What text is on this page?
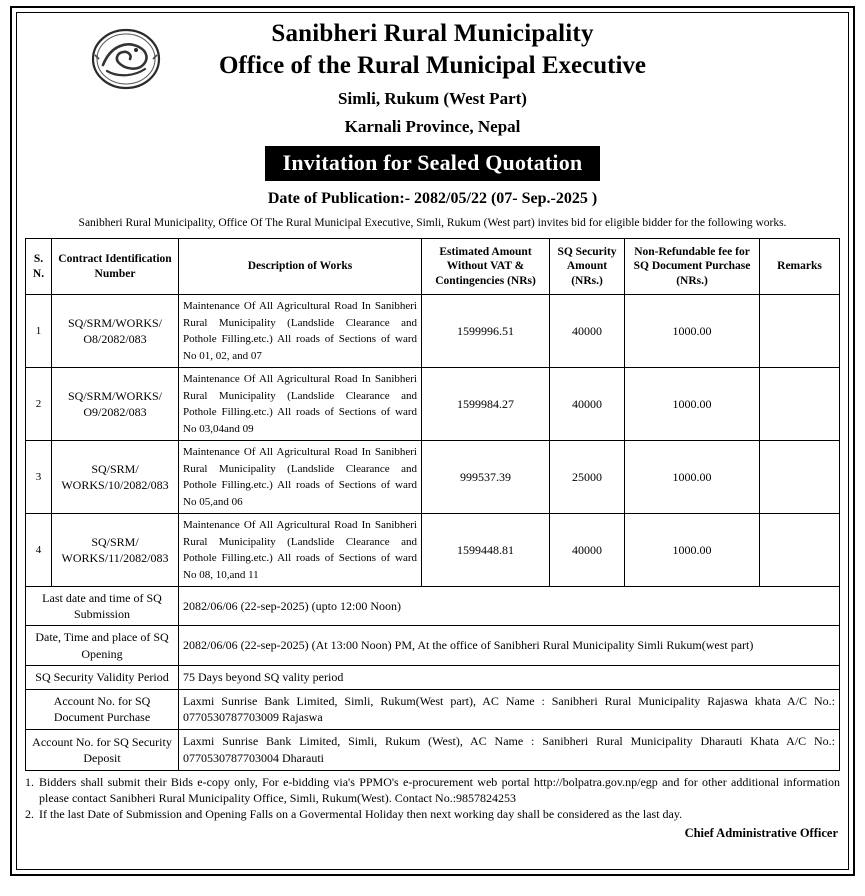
Sanibheri Rural Municipality
Office of the Rural Municipal Executive
Simli, Rukum (West Part)
Karnali Province, Nepal
Invitation for Sealed Quotation
Date of Publication:- 2082/05/22 (07- Sep.-2025 )
Sanibheri Rural Municipality, Office Of The Rural Municipal Executive, Simli, Rukum (West part) invites bid for eligible bidder for the following works.
S. N.	Contract Identification Number	Description of Works	Estimated Amount Without VAT & Contingencies (NRs)	SQ Security Amount (NRs.)	Non-Refundable fee for SQ Document Purchase (NRs.)	Remarks
1	SQ/SRM/WORKS/ O8/2082/083	Maintenance Of All Agricultural Road In Sanibheri Rural Municipality (Landslide Clearance and Pothole Filling.etc.) All roads of Sections of ward No 01, 02, and 07	1599996.51	40000	1000.00	
2	SQ/SRM/WORKS/ O9/2082/083	Maintenance Of All Agricultural Road In Sanibheri Rural Municipality (Landslide Clearance and Pothole Filling.etc.) All roads of Sections of ward No 03,04and 09	1599984.27	40000	1000.00	
3	SQ/SRM/ WORKS/10/2082/083	Maintenance Of All Agricultural Road In Sanibheri Rural Municipality (Landslide Clearance and Pothole Filling.etc.) All roads of Sections of ward No 05,and 06	999537.39	25000	1000.00	
4	SQ/SRM/ WORKS/11/2082/083	Maintenance Of All Agricultural Road In Sanibheri Rural Municipality (Landslide Clearance and Pothole Filling.etc.) All roads of Sections of ward No 08, 10,and 11	1599448.81	40000	1000.00	
Last date and time of SQ Submission		2082/06/06 (22-sep-2025) (upto 12:00 Noon)				
Date, Time and place of SQ Opening		2082/06/06 (22-sep-2025) (At 13:00 Noon) PM, At the office of Sanibheri Rural Municipality Simli Rukum(west part)				
SQ Security Validity Period		75 Days beyond SQ vality period				
Account No. for SQ Document Purchase		Laxmi Sunrise Bank Limited, Simli, Rukum(West part), AC Name : Sanibheri Rural Municipality Rajaswa khata A/C No.: 0770530787703009 Rajaswa				
Account No. for SQ Security Deposit		Laxmi Sunrise Bank Limited, Simli, Rukum (West), AC Name : Sanibheri Rural Municipality Dharauti Khata A/C No.: 0770530787703004 Dharauti				
1. Bidders shall submit their Bids e-copy only, For e-bidding via's PPMO's e-procurement web portal http://bolpatra.gov.np/egp and for other additional information please contact Sanibheri Rural Municipality Office, Simli, Rukum(West). Contact No.:9857824253
2. If the last Date of Submission and Opening Falls on a Govermental Holiday then next working day shall be considered as the last day.
Chief Administrative Officer
